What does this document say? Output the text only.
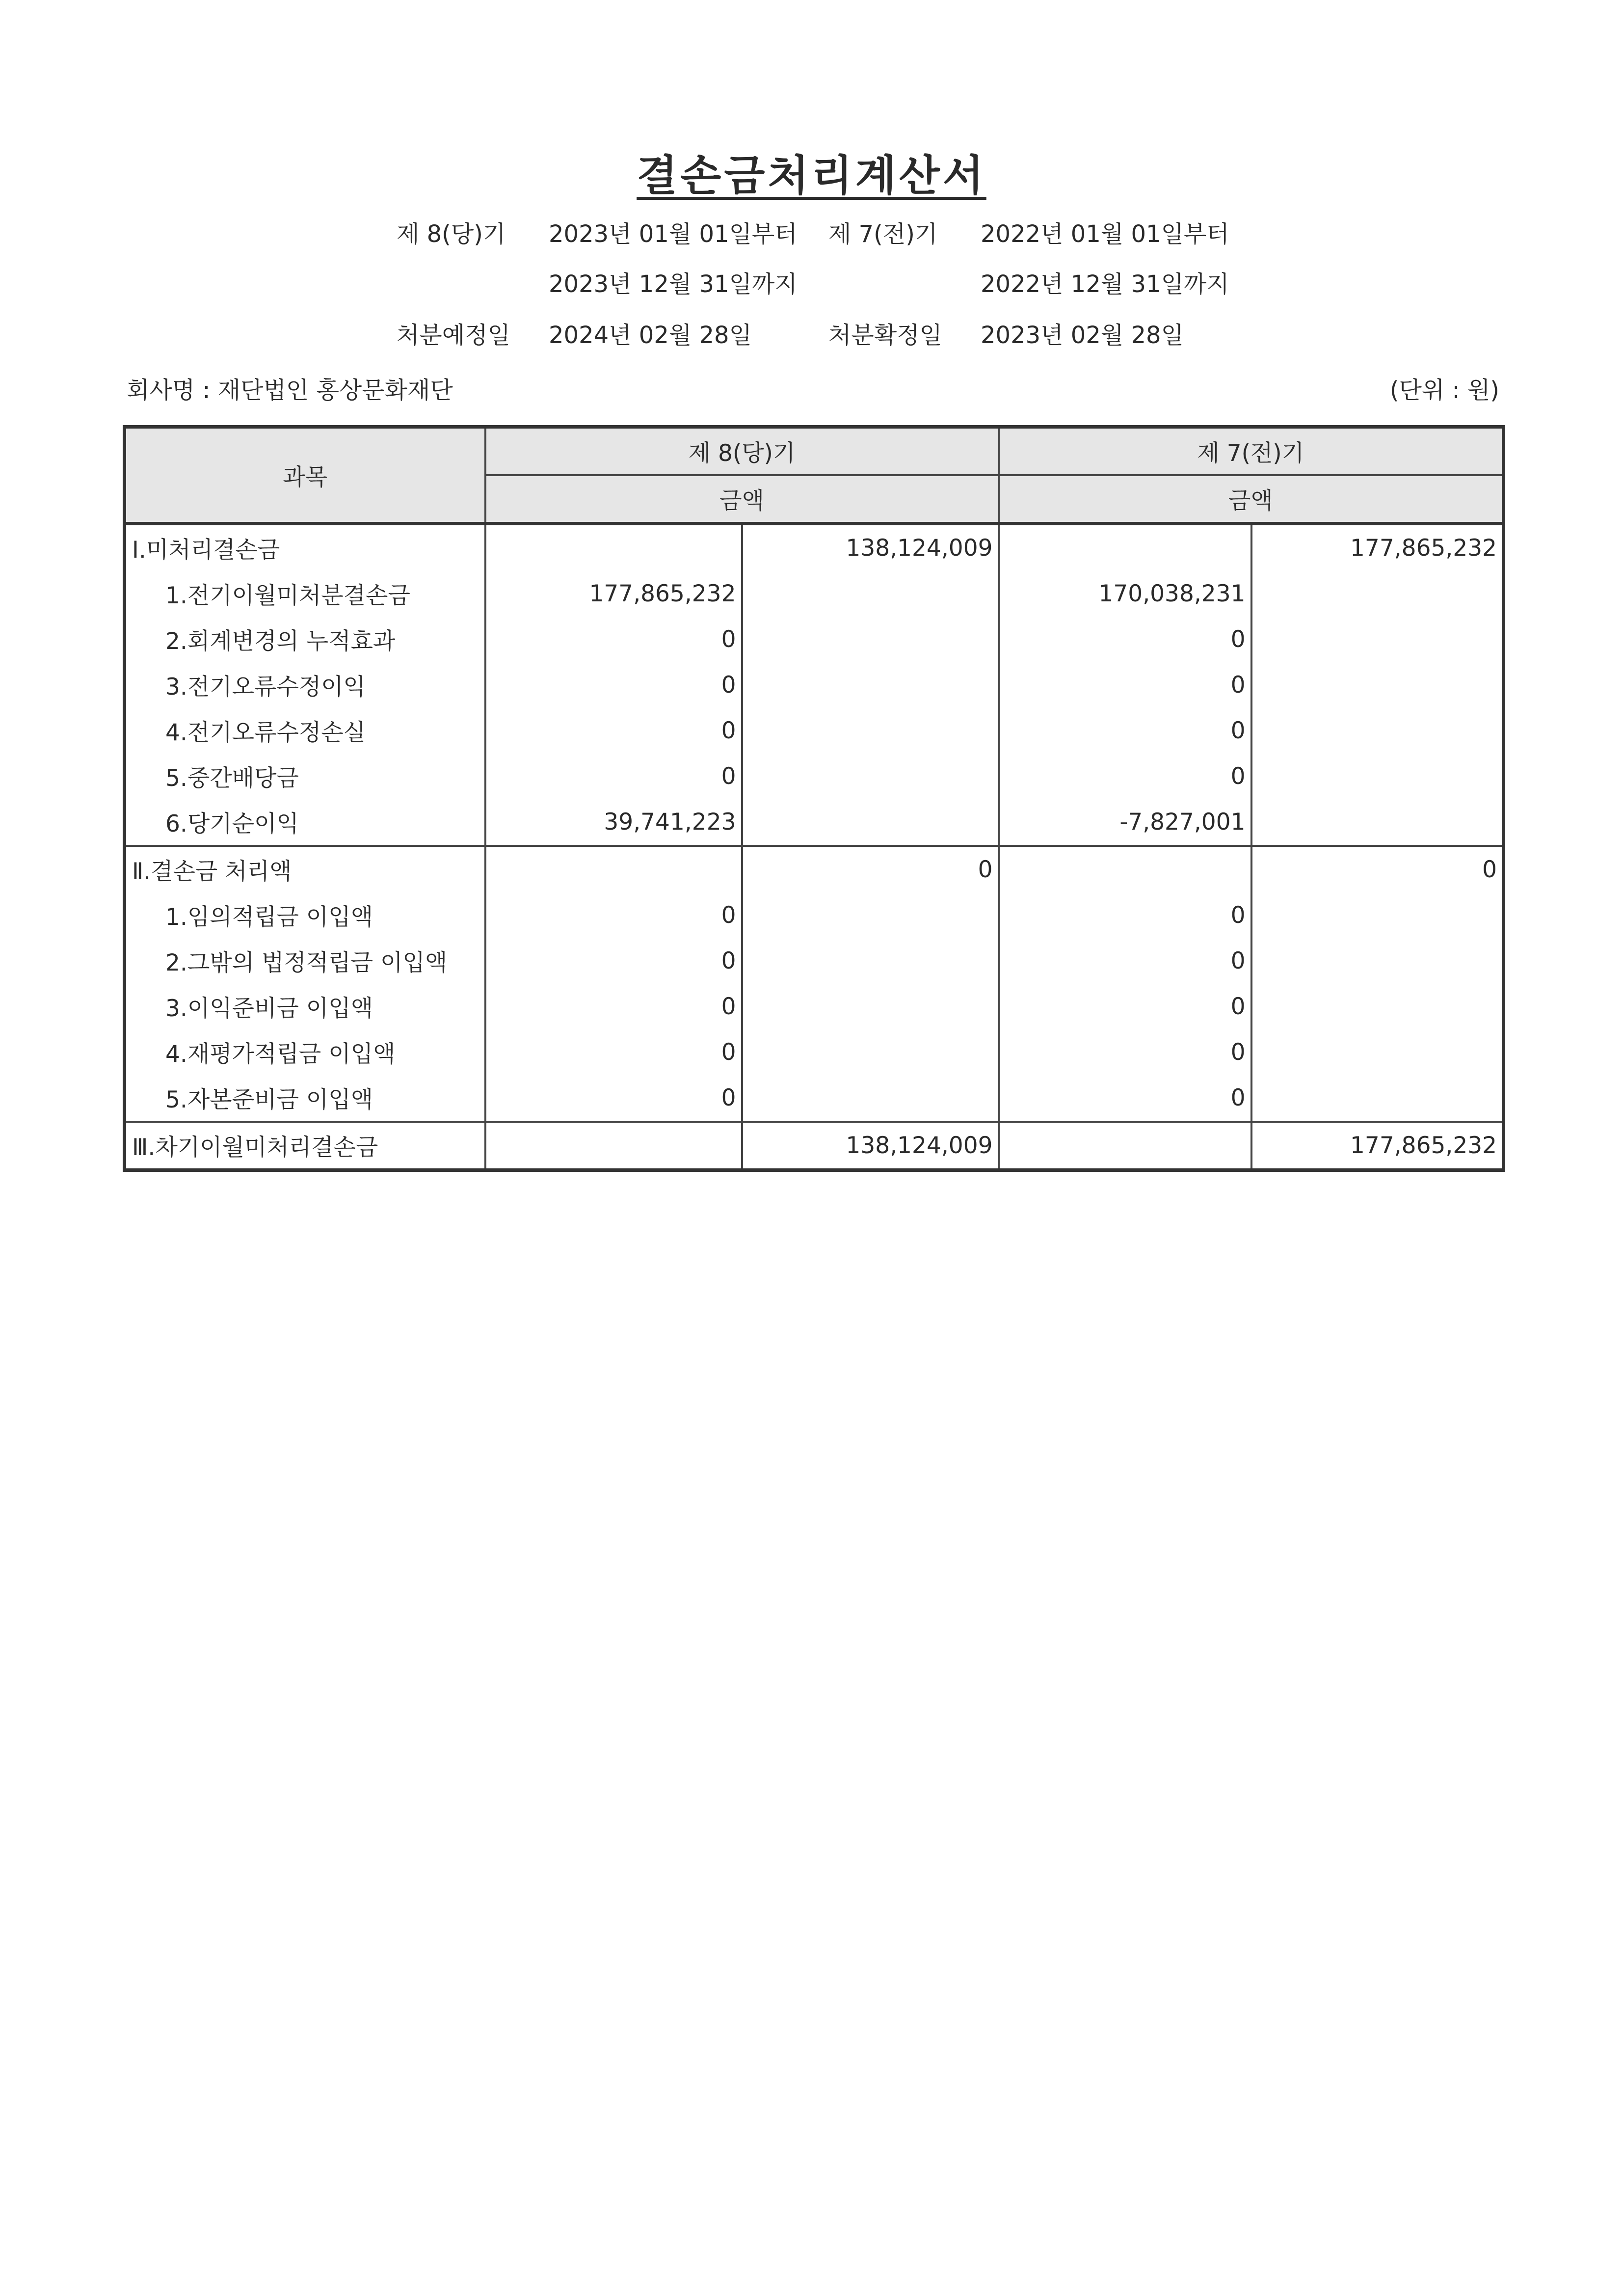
결손금처리계산서
제 8(당)기 2023년 01월 01일부터 제 7(전)기 2022년 01월 01일부터
2023년 12월 31일까지	2022년 12월 31일까지
처분예정일 2024년 02월 28일	처분확정일 2023년 02월 28일
회사명 : 재단법인 홍상문화재단	(단위 : 원)
과목	제 8(당)기		제 7(전)기	
	금액		금액	
Ⅰ.미처리결손금		138,124,009		177,865,232
1.전기이월미처분결손금	177,865,232		170,038,231	
2.회계변경의 누적효과	0		0	
3.전기오류수정이익	0		0	
4.전기오류수정손실	0		0	
5.중간배당금	0		0	
6.당기순이익	39,741,223		-7,827,001	
Ⅱ.결손금 처리액		0		0
1.임의적립금 이입액	0		0	
2.그밖의 법정적립금 이입액	0		0	
3.이익준비금 이입액	0		0	
4.재평가적립금 이입액	0		0	
5.자본준비금 이입액	0		0	
Ⅲ.차기이월미처리결손금		138,124,009		177,865,232
